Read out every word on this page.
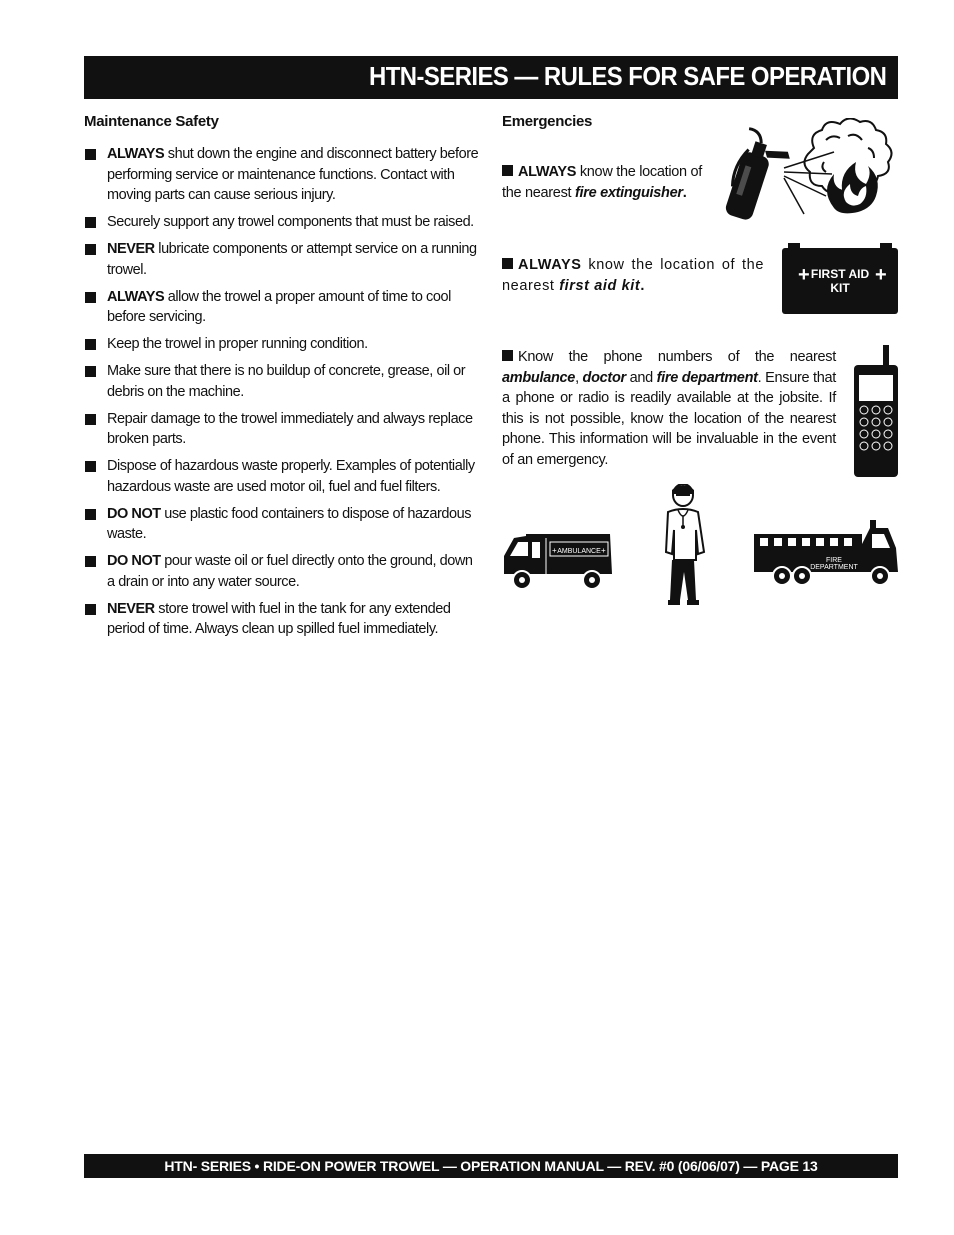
HTN-SERIES — RULES FOR SAFE OPERATION
Maintenance Safety
ALWAYS shut down the engine and disconnect battery before performing service or maintenance functions. Contact with moving parts can cause serious injury.
Securely support any trowel components that must be raised.
NEVER lubricate components or attempt service on a running trowel.
ALWAYS allow the trowel a proper amount of time to cool before servicing.
Keep the trowel in proper running condition.
Make sure that there is no buildup of concrete, grease, oil or debris on the machine.
Repair damage to the trowel immediately and always replace broken parts.
Dispose of hazardous waste properly. Examples of potentially hazardous waste are used motor oil, fuel and fuel filters.
DO NOT use plastic food containers to dispose of hazardous waste.
DO NOT pour waste oil or fuel directly onto the ground, down a drain or into any water source.
NEVER store trowel with fuel in the tank for any extended period of time. Always clean up spilled fuel immediately.
Emergencies
ALWAYS know the location of the nearest fire extinguisher.
ALWAYS know the location of the nearest first aid kit.
Know the phone numbers of the nearest ambulance, doctor and fire department. Ensure that a phone or radio is readily available at the jobsite. If this is not possible, know the location of the nearest phone. This information will be invaluable in the event of an emergency.
+	+
FIRST AID
KIT
AMBULANCE
+	+
FIRE
DEPARTMENT
HTN- SERIES • RIDE-ON POWER TROWEL — OPERATION MANUAL — REV. #0 (06/06/07) — PAGE 13
